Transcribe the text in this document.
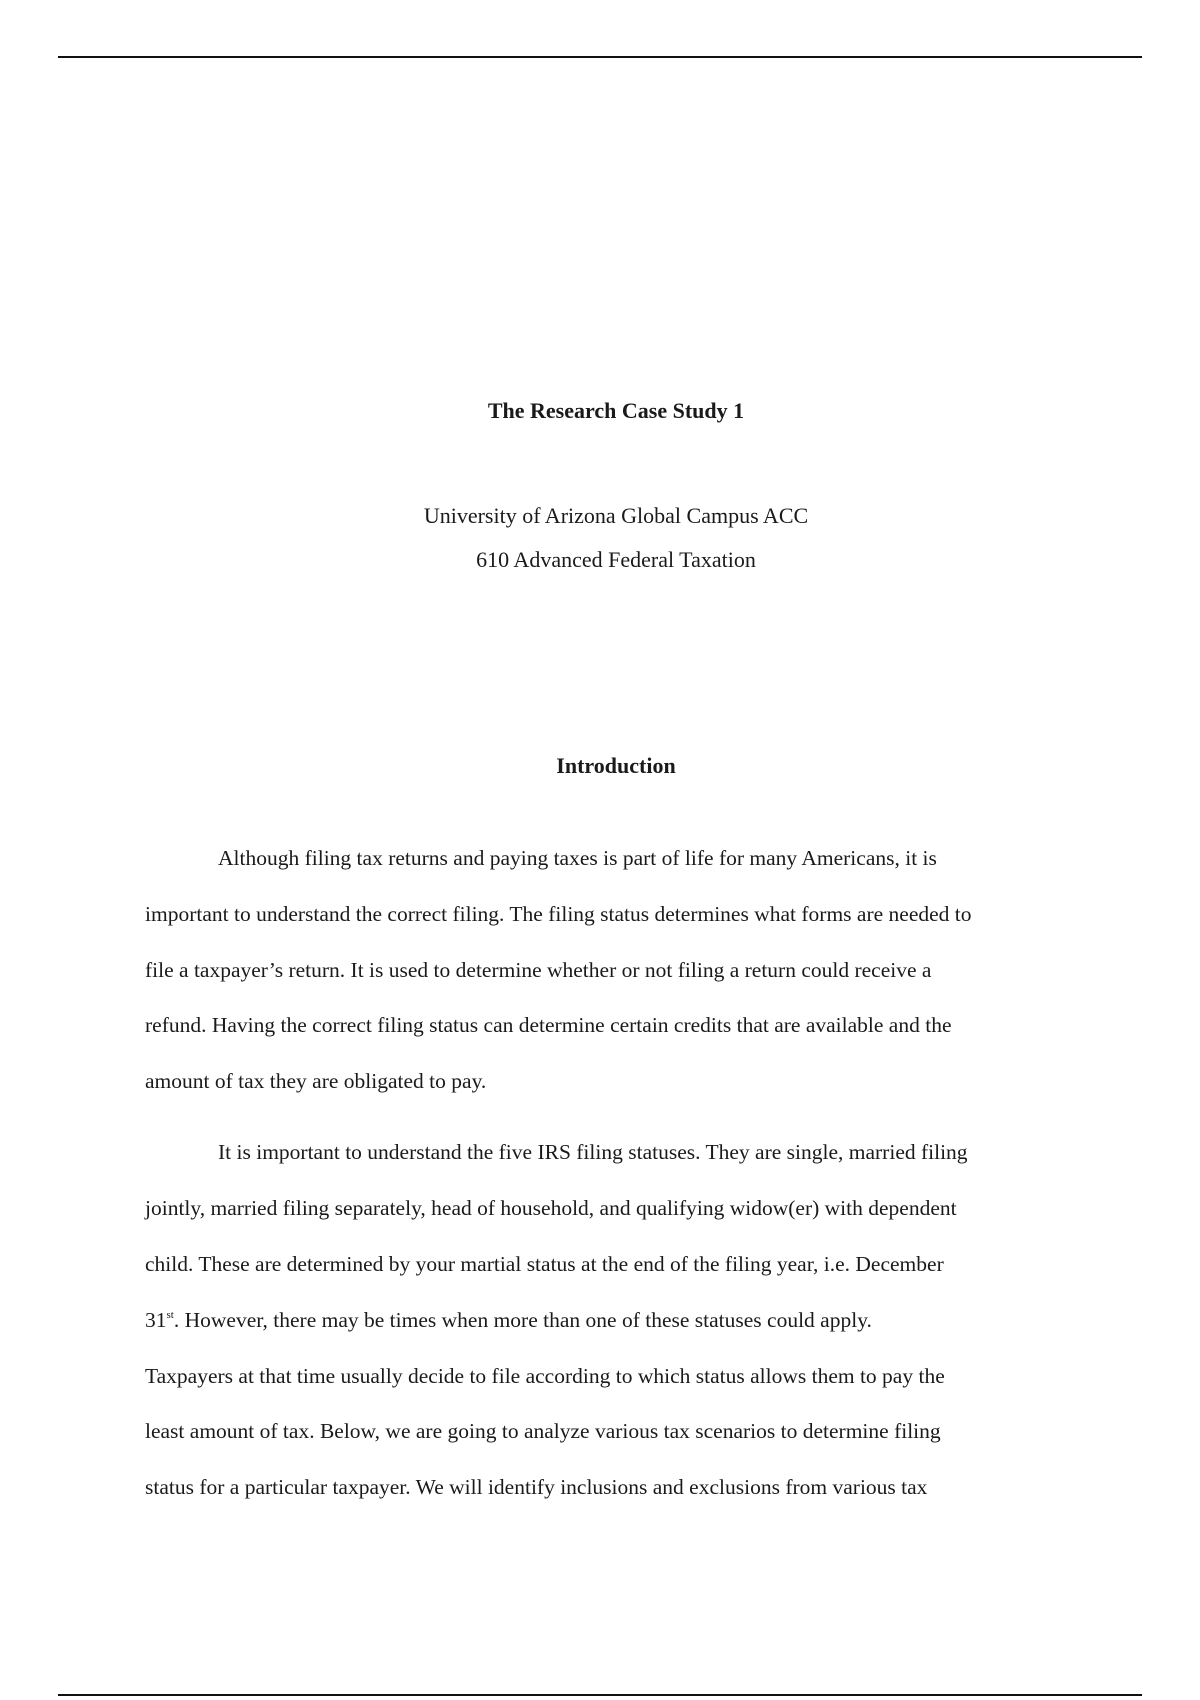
The Research Case Study 1
University of Arizona Global Campus ACC
610 Advanced Federal Taxation
Introduction
Although filing tax returns and paying taxes is part of life for many Americans, it is
important to understand the correct filing. The filing status determines what forms are needed to
file a taxpayer’s return. It is used to determine whether or not filing a return could receive a
refund. Having the correct filing status can determine certain credits that are available and the
amount of tax they are obligated to pay.
It is important to understand the five IRS filing statuses. They are single, married filing
jointly, married filing separately, head of household, and qualifying widow(er) with dependent
child. These are determined by your martial status at the end of the filing year, i.e. December
31st. However, there may be times when more than one of these statuses could apply.
Taxpayers at that time usually decide to file according to which status allows them to pay the
least amount of tax. Below, we are going to analyze various tax scenarios to determine filing
status for a particular taxpayer. We will identify inclusions and exclusions from various tax
